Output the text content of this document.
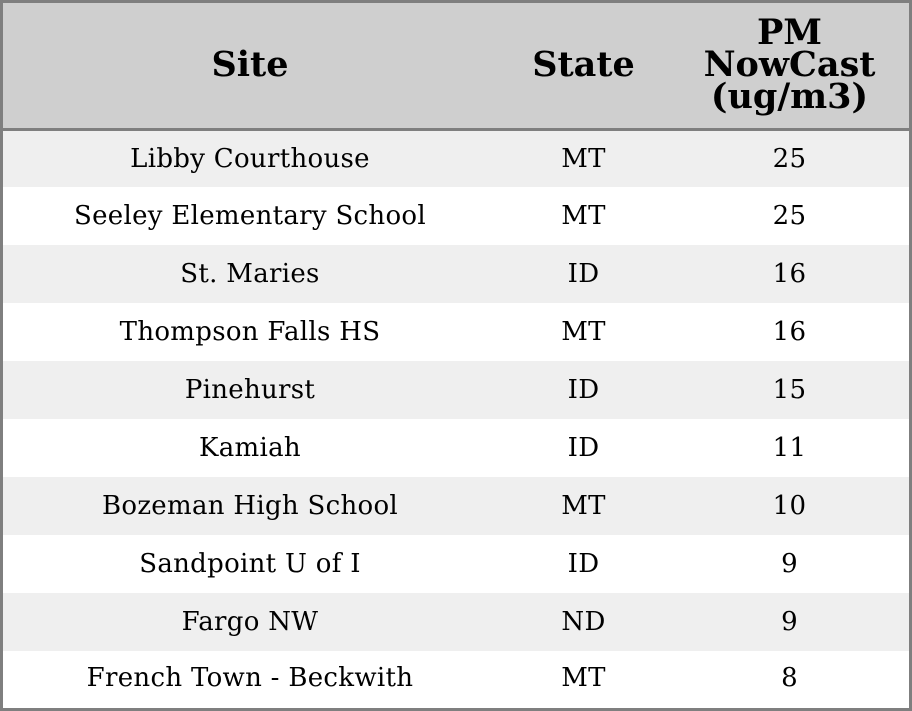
Site	State	PM
NowCast
(ug/m3)

Libby Courthouse	MT	25
Seeley Elementary School	MT	25
St. Maries	ID	16
Thompson Falls HS	MT	16
Pinehurst	ID	15
Kamiah	ID	11
Bozeman High School	MT	10
Sandpoint U of I	ID	9
Fargo NW	ND	9
French Town - Beckwith	MT	8
